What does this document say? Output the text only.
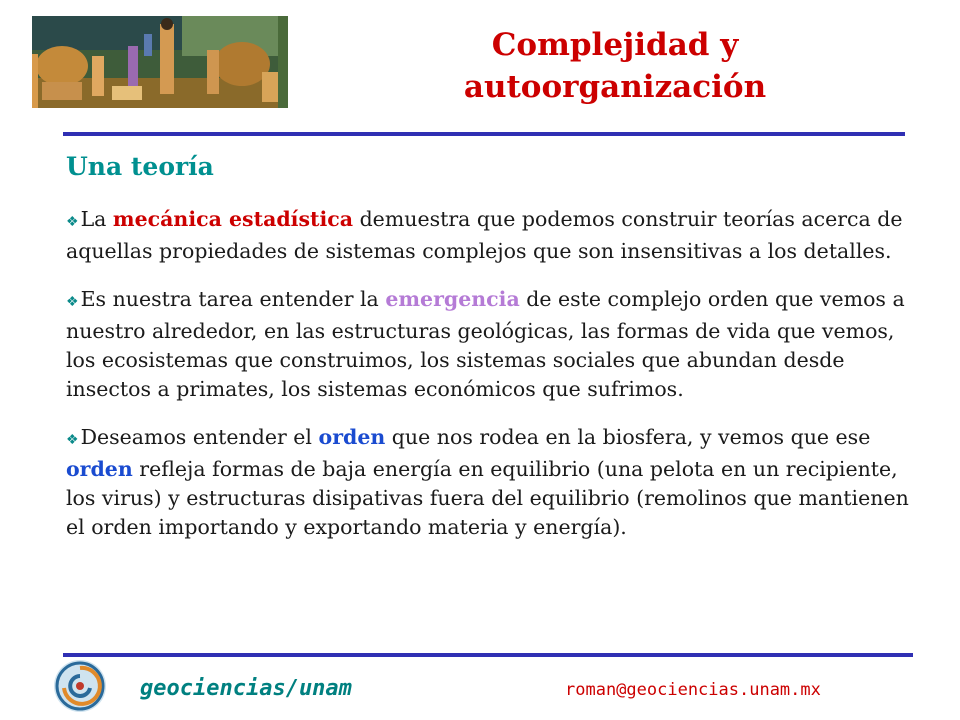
Complejidad y
autoorganización
Una teoría

❖La mecánica estadística demuestra que podemos construir teorías acerca de aquellas propiedades de sistemas complejos que son insensitivas a los detalles.

❖Es nuestra tarea entender la emergencia de este complejo orden que vemos a nuestro alrededor, en las estructuras geológicas, las formas de vida que vemos, los ecosistemas que construimos, los sistemas sociales que abundan desde insectos a primates, los sistemas económicos que sufrimos.

❖Deseamos entender el orden que nos rodea en la biosfera, y vemos que ese orden refleja formas de baja energía en equilibrio (una pelota en un recipiente, los virus) y estructuras disipativas fuera del equilibrio (remolinos que mantienen el orden importando y exportando materia y energía).

geociencias/unam	roman@geociencias.unam.mx
